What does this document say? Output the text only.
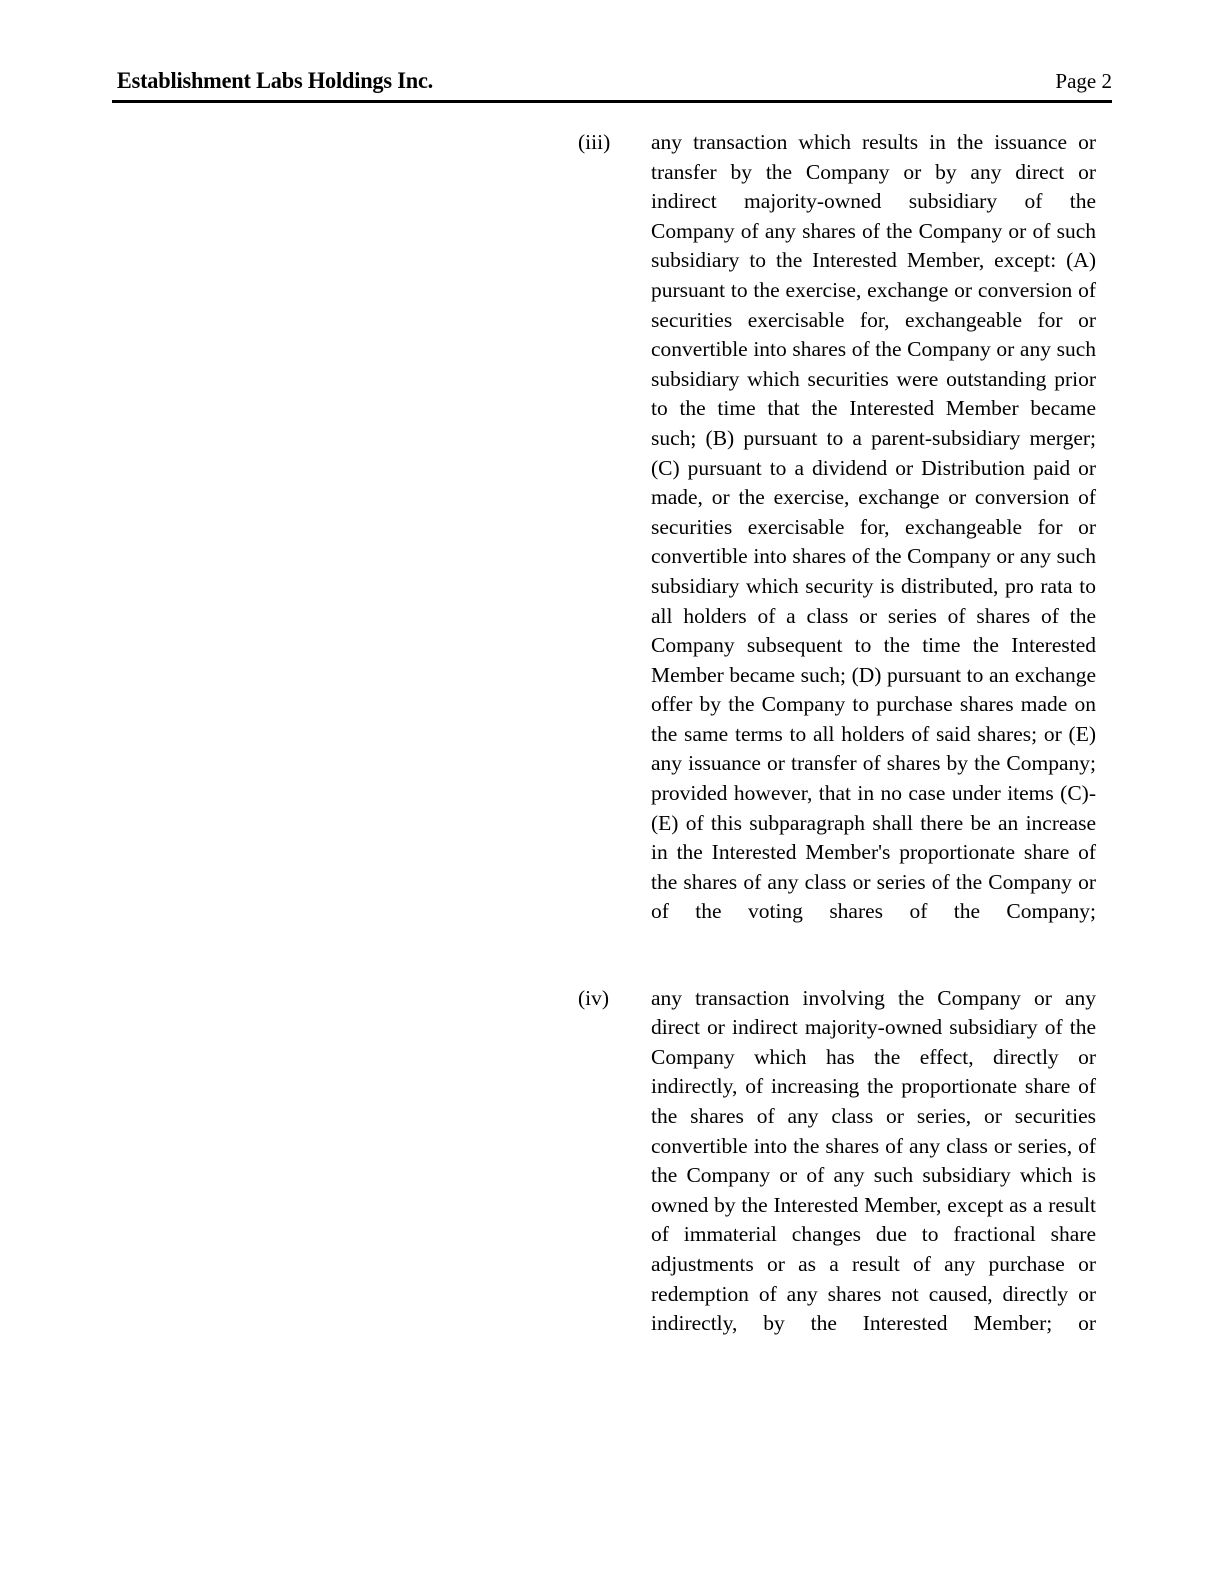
Establishment Labs Holdings Inc.	Page 2
(iii)	any transaction which results in the issuance or transfer by the Company or by any direct or indirect majority-owned subsidiary of the Company of any shares of the Company or of such subsidiary to the Interested Member, except: (A) pursuant to the exercise, exchange or conversion of securities exercisable for, exchangeable for or convertible into shares of the Company or any such subsidiary which securities were outstanding prior to the time that the Interested Member became such; (B) pursuant to a parent-subsidiary merger; (C) pursuant to a dividend or Distribution paid or made, or the exercise, exchange or conversion of securities exercisable for, exchangeable for or convertible into shares of the Company or any such subsidiary which security is distributed, pro rata to all holders of a class or series of shares of the Company subsequent to the time the Interested Member became such; (D) pursuant to an exchange offer by the Company to purchase shares made on the same terms to all holders of said shares; or (E) any issuance or transfer of shares by the Company; provided however, that in no case under items (C)-(E) of this subparagraph shall there be an increase in the Interested Member's proportionate share of the shares of any class or series of the Company or of the voting shares of the Company;
(iv)	any transaction involving the Company or any direct or indirect majority-owned subsidiary of the Company which has the effect, directly or indirectly, of increasing the proportionate share of the shares of any class or series, or securities convertible into the shares of any class or series, of the Company or of any such subsidiary which is owned by the Interested Member, except as a result of immaterial changes due to fractional share adjustments or as a result of any purchase or redemption of any shares not caused, directly or indirectly, by the Interested Member; or
